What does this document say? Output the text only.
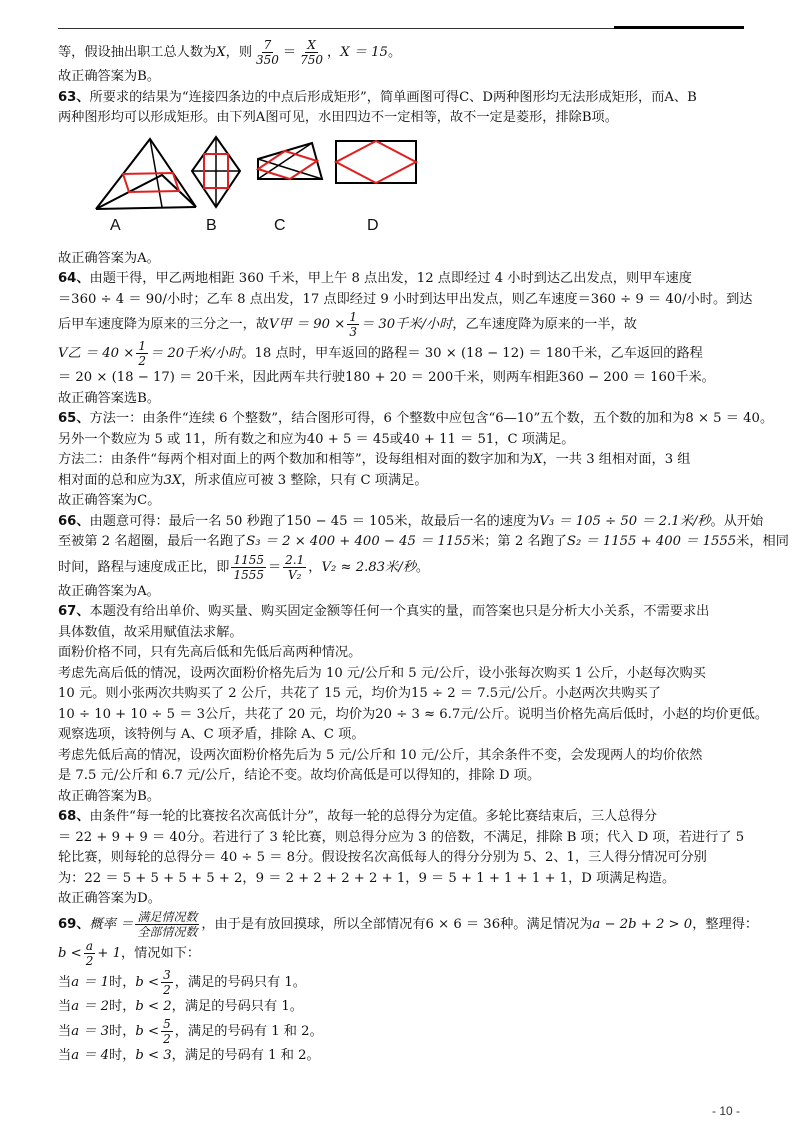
等，假设抽出职工总人数为X，则 $\frac{7}{350} = \frac{X}{750}$ ，X ＝ 15。
故正确答案为B。
63、所要求的结果为“连接四条边的中点后形成矩形”，简单画图可得C、D两种图形均无法形成矩形，而A、B
两种图形均可以形成矩形。由下列A图可见，水田四边不一定相等，故不一定是菱形，排除B项。
A	B	C	D
故正确答案为A。
64、由题干得，甲乙两地相距 360 千米，甲上午 8 点出发，12 点即经过 4 小时到达乙出发点，则甲车速度
＝360 ÷ 4 ＝ 90/小时；乙车 8 点出发，17 点即经过 9 小时到达甲出发点，则乙车速度＝360 ÷ 9 ＝ 40/小时。到达
后甲车速度降为原来的三分之一，故V甲 ＝ $90 \times \frac{1}{3} = 30$千米/小时，乙车速度降为原来的一半，故
V乙 ＝ $40 \times \frac{1}{2} = 20$千米/小时。18 点时，甲车返回的路程＝ 30 × (18 − 12) ＝ 180千米，乙车返回的路程
＝ 20 × (18 − 17) ＝ 20千米，因此两车共行驶180 + 20 ＝ 200千米，则两车相距360 − 200 ＝ 160千米。
故正确答案选B。
65、方法一：由条件“连续 6 个整数”，结合图形可得，6 个整数中应包含“6—10”五个数，五个数的加和为8 × 5 ＝ 40。
另外一个数应为 5 或 11，所有数之和应为40 + 5 ＝ 45或40 + 11 ＝ 51，C 项满足。
方法二：由条件“每两个相对面上的两个数加和相等”，设每组相对面的数字加和为X，一共 3 组相对面，3 组
相对面的总和应为3X，所求值应可被 3 整除，只有 C 项满足。
故正确答案为C。
66、由题意可得：最后一名 50 秒跑了150 − 45 ＝ 105米，故最后一名的速度为V₃ ＝ 105 ÷ 50 ＝ 2.1米/秒。从开始
至被第 2 名超圈，最后一名跑了S₃ ＝ 2 × 400 + 400 − 45 ＝ 1155米；第 2 名跑了S₂ ＝ 1155 + 400 ＝ 1555米，相同
时间，路程与速度成正比，即 $\frac{1155}{1555} = \frac{2.1}{\text{V₂}}$ ，V₂ ≈ 2.83米/秒。
故正确答案为A。
67、本题没有给出单价、购买量、购买固定金额等任何一个真实的量，而答案也只是分析大小关系，不需要求出
具体数值，故采用赋值法求解。
面粉价格不同，只有先高后低和先低后高两种情况。
考虑先高后低的情况，设两次面粉价格先后为 10 元/公斤和 5 元/公斤，设小张每次购买 1 公斤，小赵每次购买
10 元。则小张两次共购买了 2 公斤，共花了 15 元，均价为15 ÷ 2 ＝ 7.5元/公斤。小赵两次共购买了
10 ÷ 10 + 10 ÷ 5 ＝ 3公斤，共花了 20 元，均价为20 ÷ 3 ≈ 6.7元/公斤。说明当价格先高后低时，小赵的均价更低。
观察选项，该特例与 A、C 项矛盾，排除 A、C 项。
考虑先低后高的情况，设两次面粉价格先后为 5 元/公斤和 10 元/公斤，其余条件不变，会发现两人的均价依然
是 7.5 元/公斤和 6.7 元/公斤，结论不变。故均价高低是可以得知的，排除 D 项。
故正确答案为B。
68、由条件“每一轮的比赛按名次高低计分”，故每一轮的总得分为定值。多轮比赛结束后，三人总得分
＝ 22 + 9 + 9 ＝ 40分。若进行了 3 轮比赛，则总得分应为 3 的倍数，不满足，排除 B 项；代入 D 项，若进行了 5
轮比赛，则每轮的总得分＝ 40 ÷ 5 ＝ 8分。假设按名次高低每人的得分分别为 5、2、1，三人得分情况可分别
为：22 ＝ 5 + 5 + 5 + 5 + 2，9 ＝ 2 + 2 + 2 + 2 + 1，9 ＝ 5 + 1 + 1 + 1 + 1，D 项满足构造。
故正确答案为D。
69、概率 ＝ $\frac{\text{满足情况数}}{\text{全部情况数}}$ ，由于是有放回摸球，所以全部情况有6 × 6 ＝ 36种。满足情况为a − 2b + 2 > 0，整理得：
$b < \frac{a}{2} + 1$，情况如下：
当a ＝ 1时，$b < \frac{3}{2}$ ，满足的号码只有 1。
当a ＝ 2时，b < 2，满足的号码只有 1。
当a ＝ 3时，$b < \frac{5}{2}$ ，满足的号码有 1 和 2。
当a ＝ 4时，b < 3，满足的号码有 1 和 2。
- 10 -
